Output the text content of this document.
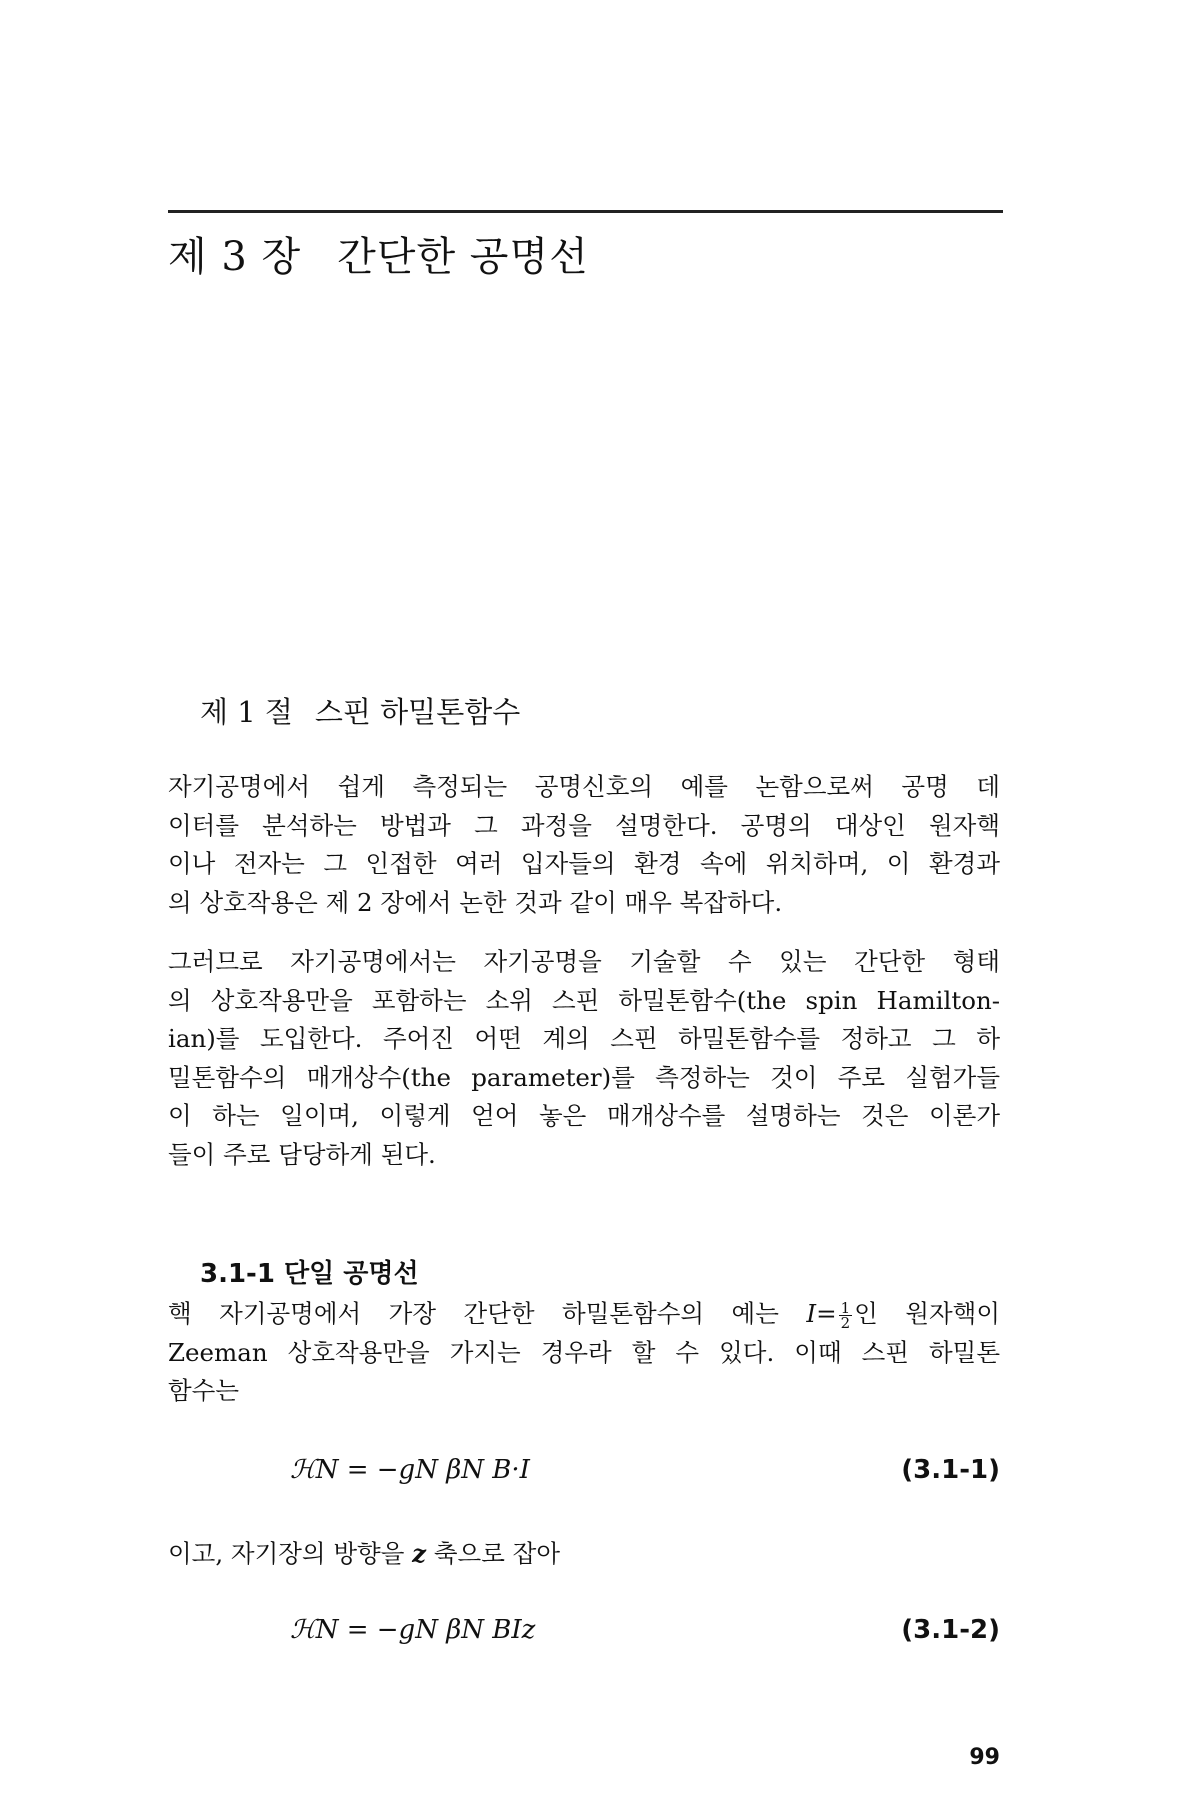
제 3 장 간단한 공명선
제 1 절 스핀 하밀톤함수
자기공명에서 쉽게 측정되는 공명신호의 예를 논함으로써 공명 데
이터를 분석하는 방법과 그 과정을 설명한다. 공명의 대상인 원자핵
이나 전자는 그 인접한 여러 입자들의 환경 속에 위치하며, 이 환경과
의 상호작용은 제 2 장에서 논한 것과 같이 매우 복잡하다.
그러므로 자기공명에서는 자기공명을 기술할 수 있는 간단한 형태
의 상호작용만을 포함하는 소위 스핀 하밀톤함수(the spin Hamilton-
ian)를 도입한다. 주어진 어떤 계의 스핀 하밀톤함수를 정하고 그 하
밀톤함수의 매개상수(the parameter)를 측정하는 것이 주로 실험가들
이 하는 일이며, 이렇게 얻어 놓은 매개상수를 설명하는 것은 이론가
들이 주로 담당하게 된다.
3.1-1 단일 공명선
핵 자기공명에서 가장 간단한 하밀톤함수의 예는 $I= \frac{1}{2}$ 인 원자핵이
Zeeman 상호작용만을 가지는 경우라 할 수 있다. 이때 스핀 하밀톤
함수는
ℋN = −gN βN B·I	(3.1-1)
이고, 자기장의 방향을 z 축으로 잡아
ℋN = −gN βN BIz	(3.1-2)
99
